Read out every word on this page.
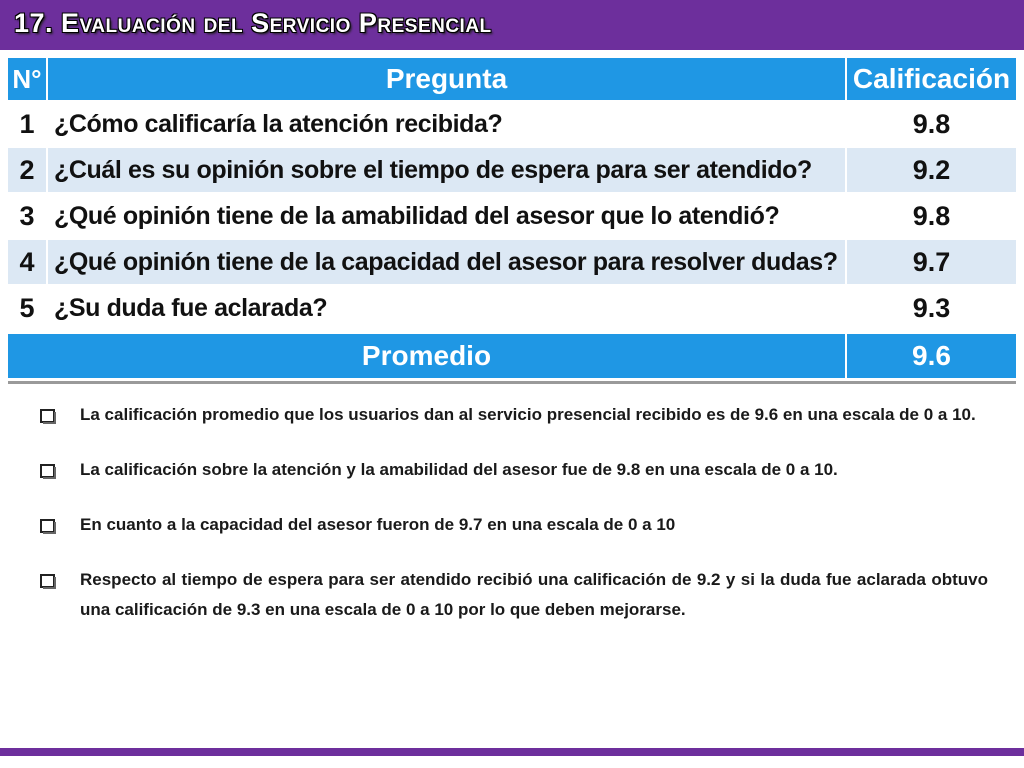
17. Evaluación del Servicio Presencial
N°	Pregunta	Calificación
1 ¿Cómo calificaría la atención recibida?	9.8
2 ¿Cuál es su opinión sobre el tiempo de espera para ser atendido?	9.2
3 ¿Qué opinión tiene de la amabilidad del asesor que lo atendió?	9.8
4 ¿Qué opinión tiene de la capacidad del asesor para resolver dudas?	9.7
5 ¿Su duda fue aclarada?	9.3
Promedio	9.6
La calificación promedio que los usuarios dan al servicio presencial recibido es de 9.6 en una escala de 0 a 10.
La calificación sobre la atención y la amabilidad del asesor fue de 9.8 en una escala de 0 a 10.
En cuanto a la capacidad del asesor fueron de 9.7 en una escala de 0 a 10
Respecto al tiempo de espera para ser atendido recibió una calificación de 9.2 y si la duda fue aclarada obtuvo una calificación de 9.3 en una escala de 0 a 10 por lo que deben mejorarse.
